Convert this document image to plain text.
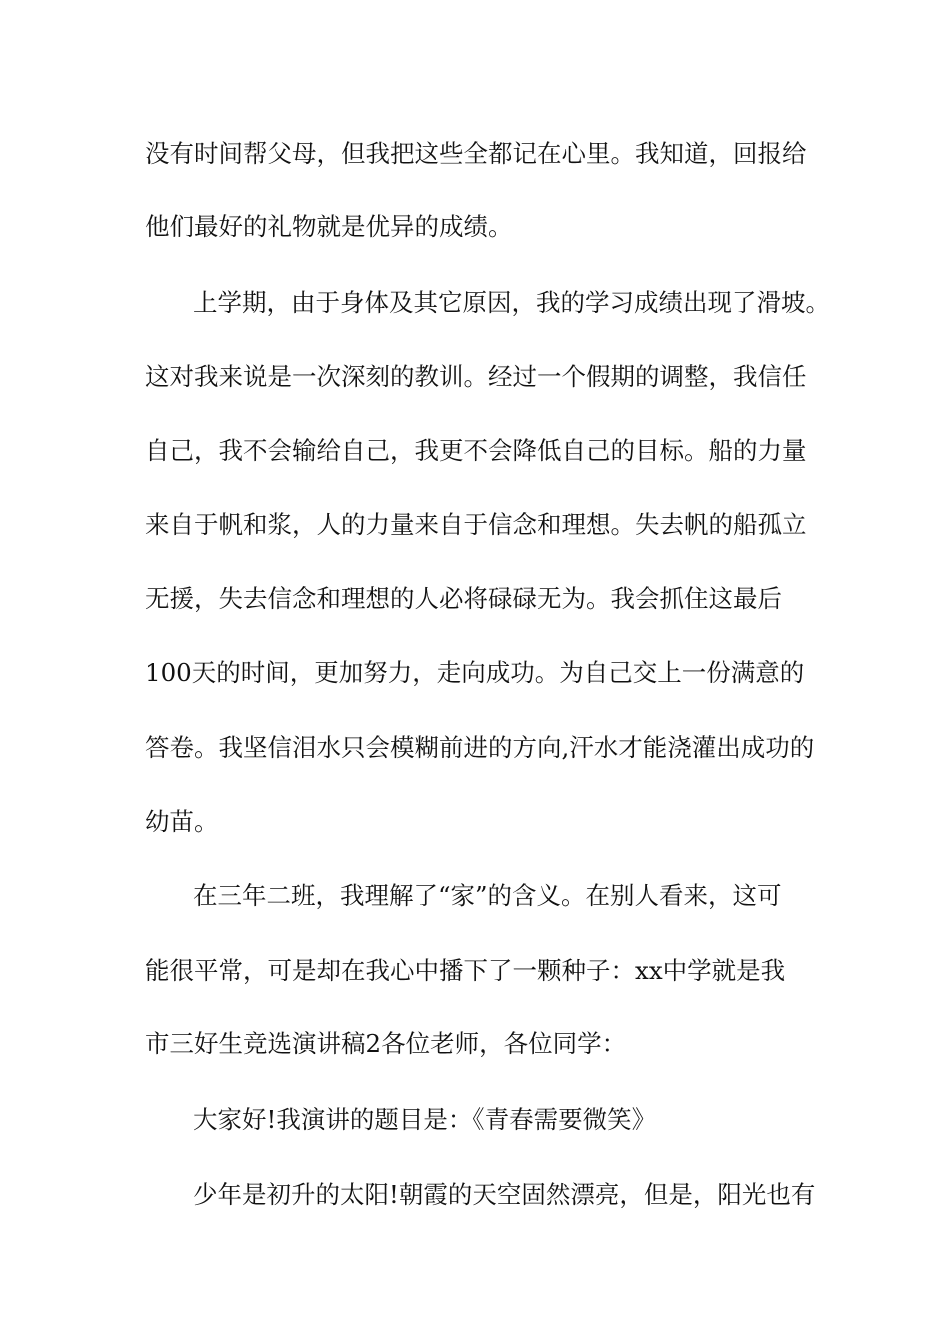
没有时间帮父母，但我把这些全都记在心里。我知道，回报给
他们最好的礼物就是优异的成绩。
上学期，由于身体及其它原因，我的学习成绩出现了滑坡。
这对我来说是一次深刻的教训。经过一个假期的调整，我信任
自己，我不会输给自己，我更不会降低自己的目标。船的力量
来自于帆和浆，人的力量来自于信念和理想。失去帆的船孤立
无援，失去信念和理想的人必将碌碌无为。我会抓住这最后
100天的时间，更加努力，走向成功。为自己交上一份满意的
答卷。我坚信泪水只会模糊前进的方向,汗水才能浇灌出成功的
幼苗。
在三年二班，我理解了“家”的含义。在别人看来，这可
能很平常，可是却在我心中播下了一颗种子：xx中学就是我
市三好生竞选演讲稿2各位老师，各位同学：
大家好!我演讲的题目是：《青春需要微笑》
少年是初升的太阳!朝霞的天空固然漂亮，但是，阳光也有
